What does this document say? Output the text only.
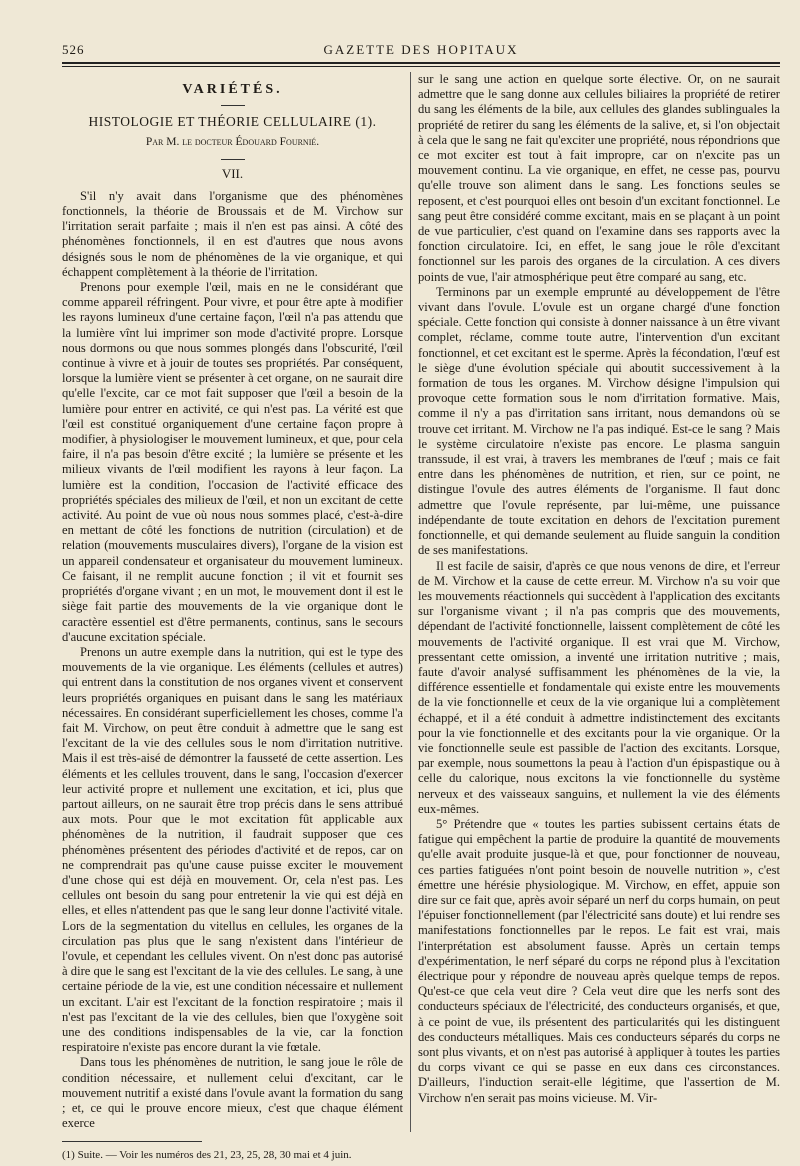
526	GAZETTE DES HOPITAUX
VARIÉTÉS.
HISTOLOGIE ET THÉORIE CELLULAIRE (1).
Par M. le docteur Édouard Fournié.
VII.

S'il n'y avait dans l'organisme que des phénomènes fonctionnels, la théorie de Broussais et de M. Virchow sur l'irritation serait parfaite ; mais il n'en est pas ainsi. A côté des phénomènes fonctionnels, il en est d'autres que nous avons désignés sous le nom de phénomènes de la vie organique, et qui échappent complètement à la théorie de l'irritation.

Prenons pour exemple l'œil, mais en ne le considérant que comme appareil réfringent. Pour vivre, et pour être apte à modifier les rayons lumineux d'une certaine façon, l'œil n'a pas attendu que la lumière vînt lui imprimer son mode d'activité propre. Lorsque nous dormons ou que nous sommes plongés dans l'obscurité, l'œil continue à vivre et à jouir de toutes ses propriétés. Par conséquent, lorsque la lumière vient se présenter à cet organe, on ne saurait dire qu'elle l'excite, car ce mot fait supposer que l'œil a besoin de la lumière pour entrer en activité, ce qui n'est pas. La vérité est que l'œil est constitué organiquement d'une certaine façon propre à modifier, à physiologiser le mouvement lumineux, et que, pour cela faire, il n'a pas besoin d'être excité ; la lumière se présente et les milieux vivants de l'œil modifient les rayons à leur façon. La lumière est la condition, l'occasion de l'activité efficace des propriétés spéciales des milieux de l'œil, et non un excitant de cette activité. Au point de vue où nous nous sommes placé, c'est-à-dire en mettant de côté les fonctions de nutrition (circulation) et de relation (mouvements musculaires divers), l'organe de la vision est un appareil condensateur et organisateur du mouvement lumineux. Ce faisant, il ne remplit aucune fonction ; il vit et fournit ses propriétés d'organe vivant ; en un mot, le mouvement dont il est le siège fait partie des mouvements de la vie organique dont le caractère essentiel est d'être permanents, continus, sans le secours d'aucune excitation spéciale.

Prenons un autre exemple dans la nutrition, qui est le type des mouvements de la vie organique. Les éléments (cellules et autres) qui entrent dans la constitution de nos organes vivent et conservent leurs propriétés organiques en puisant dans le sang les matériaux nécessaires. En considérant superficiellement les choses, comme l'a fait M. Virchow, on peut être conduit à admettre que le sang est l'excitant de la vie des cellules sous le nom d'irritation nutritive. Mais il est très-aisé de démontrer la fausseté de cette assertion. Les éléments et les cellules trouvent, dans le sang, l'occasion d'exercer leur activité propre et nullement une excitation, et ici, plus que partout ailleurs, on ne saurait être trop précis dans le sens attribué aux mots. Pour que le mot excitation fût applicable aux phénomènes de la nutrition, il faudrait supposer que ces phénomènes présentent des périodes d'activité et de repos, car on ne comprendrait pas qu'une cause puisse exciter le mouvement d'une chose qui est déjà en mouvement. Or, cela n'est pas. Les cellules ont besoin du sang pour entretenir la vie qui est déjà en elles, et elles n'attendent pas que le sang leur donne l'activité vitale. Lors de la segmentation du vitellus en cellules, les organes de la circulation pas plus que le sang n'existent dans l'intérieur de l'ovule, et cependant les cellules vivent. On n'est donc pas autorisé à dire que le sang est l'excitant de la vie des cellules. Le sang, à une certaine période de la vie, est une condition nécessaire et nullement un excitant. L'air est l'excitant de la fonction respiratoire ; mais il n'est pas l'excitant de la vie des cellules, bien que l'oxygène soit une des conditions indispensables de la vie, car la fonction respiratoire n'existe pas encore durant la vie fœtale.

Dans tous les phénomènes de nutrition, le sang joue le rôle de condition nécessaire, et nullement celui d'excitant, car le mouvement nutritif a existé dans l'ovule avant la formation du sang ; et, ce qui le prouve encore mieux, c'est que chaque élément exerce

(1) Suite. — Voir les numéros des 21, 23, 25, 28, 30 mai et 4 juin.

sur le sang une action en quelque sorte élective. Or, on ne saurait admettre que le sang donne aux cellules biliaires la propriété de retirer du sang les éléments de la bile, aux cellules des glandes sublinguales la propriété de retirer du sang les éléments de la salive, et, si l'on objectait à cela que le sang ne fait qu'exciter une propriété, nous répondrions que ce mot exciter est tout à fait impropre, car on n'excite pas un mouvement continu. La vie organique, en effet, ne cesse pas, pourvu qu'elle trouve son aliment dans le sang. Les fonctions seules se reposent, et c'est pourquoi elles ont besoin d'un excitant fonctionnel. Le sang peut être considéré comme excitant, mais en se plaçant à un point de vue particulier, c'est quand on l'examine dans ses rapports avec la fonction circulatoire. Ici, en effet, le sang joue le rôle d'excitant fonctionnel sur les parois des organes de la circulation. A ces divers points de vue, l'air atmosphérique peut être comparé au sang, etc.

Terminons par un exemple emprunté au développement de l'être vivant dans l'ovule. L'ovule est un organe chargé d'une fonction spéciale. Cette fonction qui consiste à donner naissance à un être vivant complet, réclame, comme toute autre, l'intervention d'un excitant fonctionnel, et cet excitant est le sperme. Après la fécondation, l'œuf est le siège d'une évolution spéciale qui aboutit successivement à la formation de tous les organes. M. Virchow désigne l'impulsion qui provoque cette formation sous le nom d'irritation formative. Mais, comme il n'y a pas d'irritation sans irritant, nous demandons où se trouve cet irritant. M. Virchow ne l'a pas indiqué. Est-ce le sang ? Mais le système circulatoire n'existe pas encore. Le plasma sanguin transsude, il est vrai, à travers les membranes de l'œuf ; mais ce fait entre dans les phénomènes de nutrition, et rien, sur ce point, ne distingue l'ovule des autres éléments de l'organisme. Il faut donc admettre que l'ovule représente, par lui-même, une puissance indépendante de toute excitation en dehors de l'excitation purement fonctionnelle, et qui demande seulement au fluide sanguin la condition de ses manifestations.

Il est facile de saisir, d'après ce que nous venons de dire, et l'erreur de M. Virchow et la cause de cette erreur. M. Virchow n'a su voir que les mouvements réactionnels qui succèdent à l'application des excitants sur l'organisme vivant ; il n'a pas compris que des mouvements, dépendant de l'activité fonctionnelle, laissent complètement de côté les mouvements de l'activité organique. Il est vrai que M. Virchow, pressentant cette omission, a inventé une irritation nutritive ; mais, faute d'avoir analysé suffisamment les phénomènes de la vie, la différence essentielle et fondamentale qui existe entre les mouvements de la vie fonctionnelle et ceux de la vie organique lui a complètement échappé, et il a été conduit à admettre indistinctement des excitants pour la vie fonctionnelle et des excitants pour la vie organique. Or la vie fonctionnelle seule est passible de l'action des excitants. Lorsque, par exemple, nous soumettons la peau à l'action d'un épispastique ou à celle du calorique, nous excitons la vie fonctionnelle du système nerveux et des vaisseaux sanguins, et nullement la vie des éléments eux-mêmes.

5° Prétendre que « toutes les parties subissent certains états de fatigue qui empêchent la partie de produire la quantité de mouvements qu'elle avait produite jusque-là et que, pour fonctionner de nouveau, ces parties fatiguées n'ont point besoin de nouvelle nutrition », c'est émettre une hérésie physiologique. M. Virchow, en effet, appuie son dire sur ce fait que, après avoir séparé un nerf du corps humain, on peut l'épuiser fonctionnellement (par l'électricité sans doute) et lui rendre ses manifestations fonctionnelles par le repos. Le fait est vrai, mais l'interprétation est absolument fausse. Après un certain temps d'expérimentation, le nerf séparé du corps ne répond plus à l'excitation électrique pour y répondre de nouveau après quelque temps de repos. Qu'est-ce que cela veut dire ? Cela veut dire que les nerfs sont des conducteurs spéciaux de l'électricité, des conducteurs organisés, et que, à ce point de vue, ils présentent des particularités qui les distinguent des conducteurs métalliques. Mais ces conducteurs séparés du corps ne sont plus vivants, et on n'est pas autorisé à appliquer à toutes les parties du corps vivant ce qui se passe en eux dans ces circonstances. D'ailleurs, l'induction serait-elle légitime, que l'assertion de M. Virchow n'en serait pas moins vicieuse. M. Vir-
